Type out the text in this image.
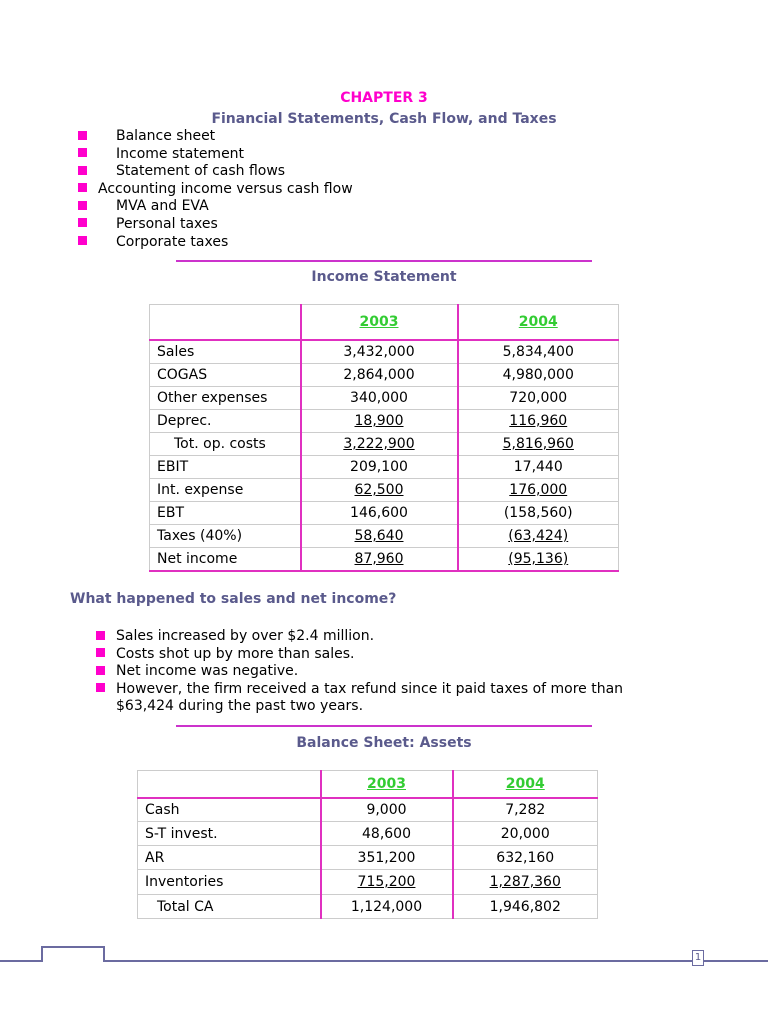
CHAPTER 3
Financial Statements, Cash Flow, and Taxes
Balance sheet
Income statement
Statement of cash flows
Accounting income versus cash flow
MVA and EVA
Personal taxes
Corporate taxes
Income Statement
	2003	2004
Sales	3,432,000	5,834,400
COGAS	2,864,000	4,980,000
Other expenses	340,000	720,000
Deprec.	18,900	116,960
Tot. op. costs	3,222,900	5,816,960
EBIT	209,100	17,440
Int. expense	62,500	176,000
EBT	146,600	(158,560)
Taxes (40%)	58,640	(63,424)
Net income	87,960	(95,136)
What happened to sales and net income?
Sales increased by over $2.4 million.
Costs shot up by more than sales.
Net income was negative.
However, the firm received a tax refund since it paid taxes of more than
$63,424 during the past two years.
Balance Sheet: Assets
	2003	2004
Cash	9,000	7,282
S-T invest.	48,600	20,000
AR	351,200	632,160
Inventories	715,200	1,287,360
Total CA	1,124,000	1,946,802
1
